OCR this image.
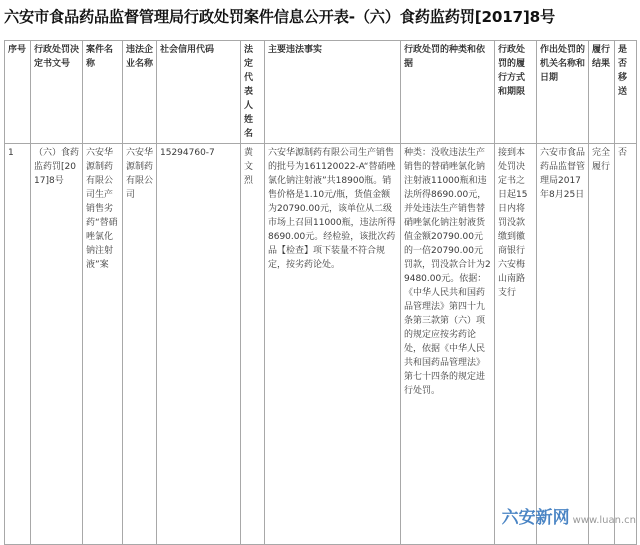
六安市食品药品监督管理局行政处罚案件信息公开表-（六）食药监药罚[2017]8号
序号	行政处罚决定书文号	案件名称	违法企业名称	社会信用代码	法定代表人姓名	主要违法事实	行政处罚的种类和依据	行政处罚的履行方式和期限	作出处罚的机关名称和日期	履行结果	是否移送
1	（六）食药监药罚[2017]8号	六安华源制药有限公司生产销售劣药“替硝唑氯化钠注射液”案	六安华源制药有限公司	15294760-7	黄文烈	六安华源制药有限公司生产销售的批号为161120022-A“替硝唑氯化钠注射液”共18900瓶。销售价格是1.10元/瓶，货值金额为20790.00元，该单位从二级市场上召回11000瓶，违法所得8690.00元。经检验，该批次药品【检查】项下装量不符合规定，按劣药论处。	种类：没收违法生产销售的替硝唑氯化钠注射液11000瓶和违法所得8690.00元，并处违法生产销售替硝唑氯化钠注射液货值金额20790.00元的一倍20790.00元罚款，罚没款合计为29480.00元。依据：《中华人民共和国药品管理法》第四十九条第三款第（六）项的规定应按劣药论处，依据《中华人民共和国药品管理法》第七十四条的规定进行处罚。	接到本处罚决定书之日起15日内将罚没款缴到徽商银行六安梅山南路支行	六安市食品药品监督管理局2017年8月25日	完全履行	否
六安新网 www.luan.cn
